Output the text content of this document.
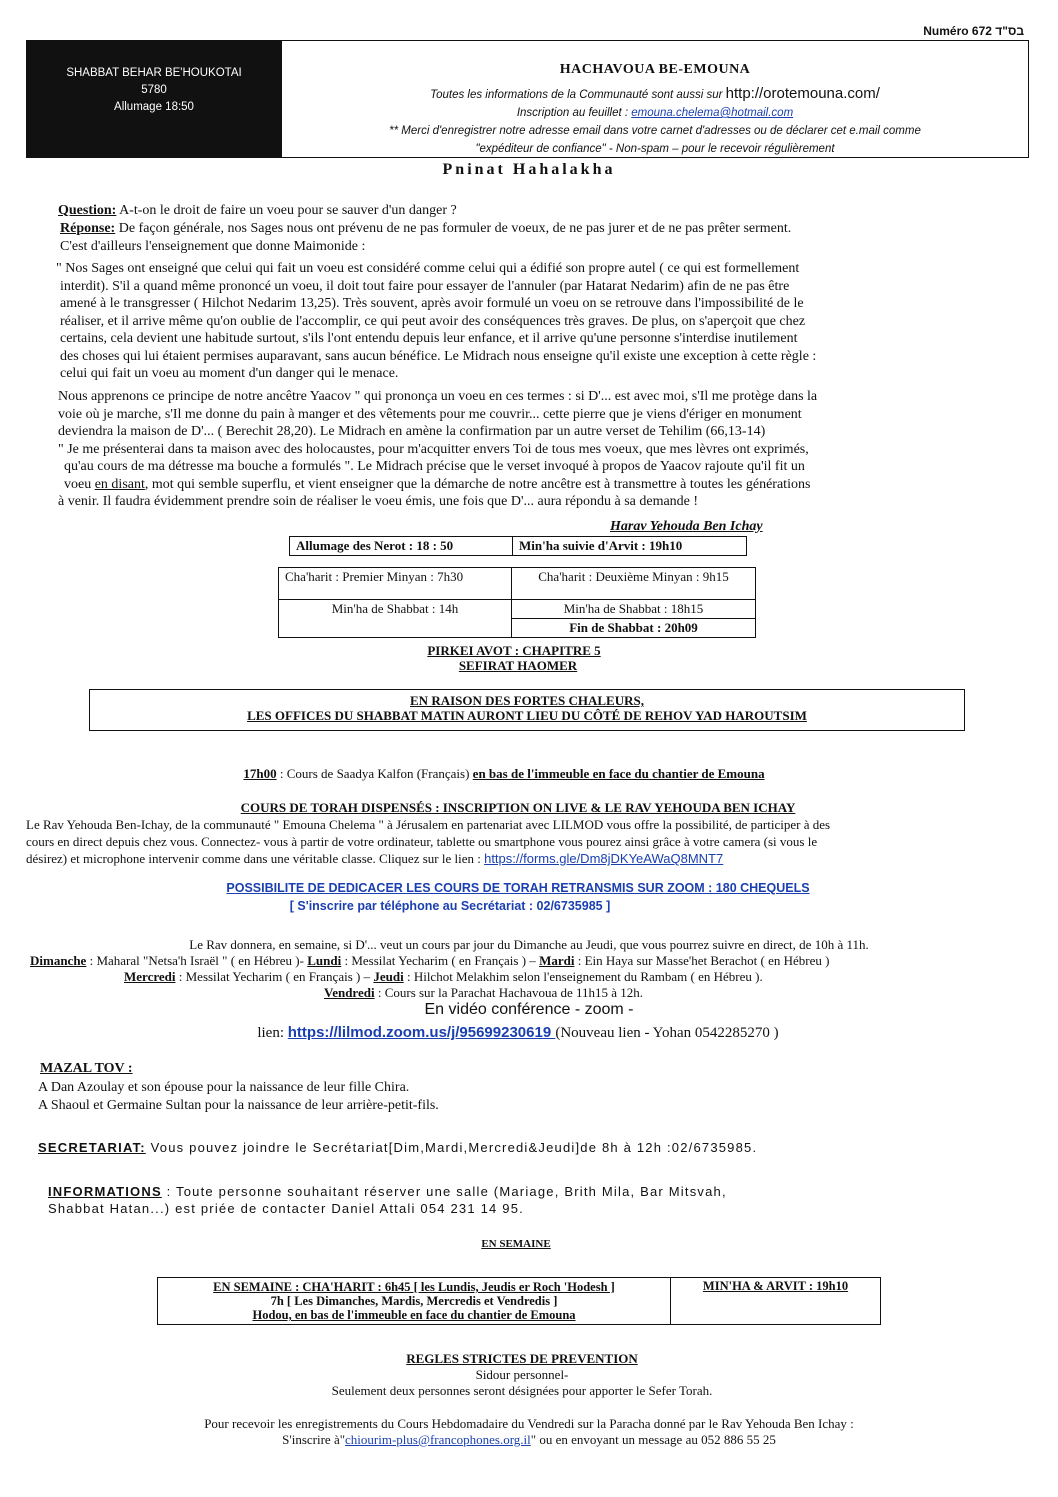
Numéro 672 בס"ד
SHABBAT BEHAR BE'HOUKOTAI
5780
Allumage 18:50
HACHAVOUA BE-EMOUNA
Toutes les informations de la Communauté sont aussi sur http://orotemouna.com/
Inscription au feuillet : emouna.chelema@hotmail.com
** Merci d'enregistrer notre adresse email dans votre carnet d'adresses ou de déclarer cet e.mail comme
"expéditeur de confiance" - Non-spam – pour le recevoir régulièrement
Pninat Hahalakha
Question: A-t-on le droit de faire un voeu pour se sauver d'un danger ?
Réponse: De façon générale, nos Sages nous ont prévenu de ne pas formuler de voeux, de ne pas jurer et de ne pas prêter serment.
C'est d'ailleurs l'enseignement que donne Maimonide :
" Nos Sages ont enseigné que celui qui fait un voeu est considéré comme celui qui a édifié son propre autel ( ce qui est formellement
interdit). S'il a quand même prononcé un voeu, il doit tout faire pour essayer de l'annuler (par Hatarat Nedarim) afin de ne pas être
amené à le transgresser ( Hilchot Nedarim 13,25). Très souvent, après avoir formulé un voeu on se retrouve dans l'impossibilité de le
réaliser, et il arrive même qu'on oublie de l'accomplir, ce qui peut avoir des conséquences très graves. De plus, on s'aperçoit que chez
certains, cela devient une habitude surtout, s'ils l'ont entendu depuis leur enfance, et il arrive qu'une personne s'interdise inutilement
des choses qui lui étaient permises auparavant, sans aucun bénéfice. Le Midrach nous enseigne qu'il existe une exception à cette règle :
celui qui fait un voeu au moment d'un danger qui le menace.
Nous apprenons ce principe de notre ancêtre Yaacov " qui prononça un voeu en ces termes : si D'... est avec moi, s'Il me protège dans la
voie où je marche, s'Il me donne du pain à manger et des vêtements pour me couvrir... cette pierre que je viens d'ériger en monument
deviendra la maison de D'... ( Berechit 28,20). Le Midrach en amène la confirmation par un autre verset de Tehilim (66,13-14)
" Je me présenterai dans ta maison avec des holocaustes, pour m'acquitter envers Toi de tous mes voeux, que mes lèvres ont exprimés,
qu'au cours de ma détresse ma bouche a formulés ". Le Midrach précise que le verset invoqué à propos de Yaacov rajoute qu'il fit un
voeu en disant, mot qui semble superflu, et vient enseigner que la démarche de notre ancêtre est à transmettre à toutes les générations
à venir. Il faudra évidemment prendre soin de réaliser le voeu émis, une fois que D'... aura répondu à sa demande !
Harav Yehouda Ben Ichay
Allumage des Nerot : 18 : 50	Min'ha suivie d'Arvit : 19h10
Cha'harit : Premier Minyan : 7h30	Cha'harit : Deuxième Minyan : 9h15
Min'ha de Shabbat : 14h	Min'ha de Shabbat : 18h15
	Fin de Shabbat : 20h09
PIRKEI AVOT : CHAPITRE 5
SEFIRAT HAOMER
EN RAISON DES FORTES CHALEURS,
LES OFFICES DU SHABBAT MATIN AURONT LIEU DU CÔTÉ DE REHOV YAD HAROUTSIM
17h00 : Cours de Saadya Kalfon (Français) en bas de l'immeuble en face du chantier de Emouna
COURS DE TORAH DISPENSÉS : INSCRIPTION ON LIVE & LE RAV YEHOUDA BEN ICHAY
Le Rav Yehouda Ben-Ichay, de la communauté " Emouna Chelema " à Jérusalem en partenariat avec LILMOD vous offre la possibilité, de participer à des
cours en direct depuis chez vous. Connectez- vous à partir de votre ordinateur, tablette ou smartphone vous pourez ainsi grâce à votre camera (si vous le
désirez) et microphone intervenir comme dans une véritable classe. Cliquez sur le lien : https://forms.gle/Dm8jDKYeAWaQ8MNT7
POSSIBILITE DE DEDICACER LES COURS DE TORAH RETRANSMIS SUR ZOOM : 180 CHEQUELS
[ S'inscrire par téléphone au Secrétariat : 02/6735985 ]
Le Rav donnera, en semaine, si D'... veut un cours par jour du Dimanche au Jeudi, que vous pourrez suivre en direct, de 10h à 11h.
Dimanche : Maharal "Netsa'h Israël " ( en Hébreu )- Lundi : Messilat Yecharim ( en Français ) – Mardi : Ein Haya sur Masse'het Berachot ( en Hébreu )
Mercredi : Messilat Yecharim ( en Français ) – Jeudi : Hilchot Melakhim selon l'enseignement du Rambam ( en Hébreu ).
Vendredi : Cours sur la Parachat Hachavoua de 11h15 à 12h.
En vidéo conférence - zoom -
lien: https://lilmod.zoom.us/j/95699230619 (Nouveau lien - Yohan 0542285270 )
MAZAL TOV :
A Dan Azoulay et son épouse pour la naissance de leur fille Chira.
A Shaoul et Germaine Sultan pour la naissance de leur arrière-petit-fils.
SECRETARIAT: Vous pouvez joindre le Secrétariat[Dim,Mardi,Mercredi&Jeudi]de 8h à 12h :02/6735985.
INFORMATIONS : Toute personne souhaitant réserver une salle (Mariage, Brith Mila, Bar Mitsvah,
Shabbat Hatan...) est priée de contacter Daniel Attali 054 231 14 95.
EN SEMAINE
EN SEMAINE : CHA'HARIT : 6h45 [ les Lundis, Jeudis er Roch 'Hodesh ]
7h [ Les Dimanches, Mardis, Mercredis et Vendredis ]
Hodou, en bas de l'immeuble en face du chantier de Emouna
	MIN'HA & ARVIT : 19h10
REGLES STRICTES DE PREVENTION
Sidour personnel-
Seulement deux personnes seront désignées pour apporter le Sefer Torah.
Pour recevoir les enregistrements du Cours Hebdomadaire du Vendredi sur la Paracha donné par le Rav Yehouda Ben Ichay :
S'inscrire à"chiourim-plus@francophones.org.il" ou en envoyant un message au 052 886 55 25
